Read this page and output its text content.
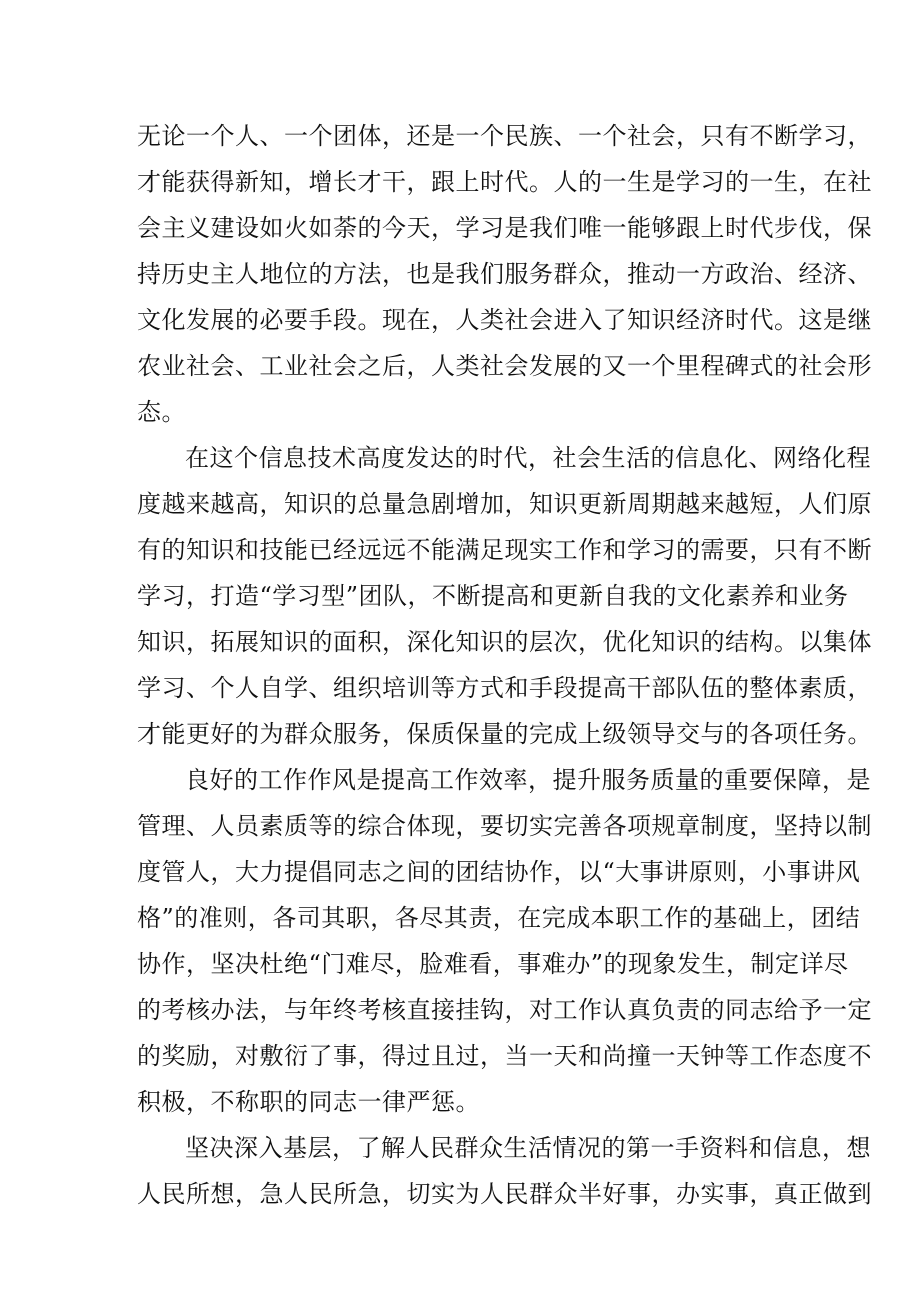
无论一个人、一个团体，还是一个民族、一个社会，只有不断学习，
才能获得新知，增长才干，跟上时代。人的一生是学习的一生，在社
会主义建设如火如荼的今天，学习是我们唯一能够跟上时代步伐，保
持历史主人地位的方法，也是我们服务群众，推动一方政治、经济、
文化发展的必要手段。现在，人类社会进入了知识经济时代。这是继
农业社会、工业社会之后，人类社会发展的又一个里程碑式的社会形
态。

在这个信息技术高度发达的时代，社会生活的信息化、网络化程
度越来越高，知识的总量急剧增加，知识更新周期越来越短，人们原
有的知识和技能已经远远不能满足现实工作和学习的需要，只有不断
学习，打造“学习型”团队，不断提高和更新自我的文化素养和业务
知识，拓展知识的面积，深化知识的层次，优化知识的结构。以集体
学习、个人自学、组织培训等方式和手段提高干部队伍的整体素质，
才能更好的为群众服务，保质保量的完成上级领导交与的各项任务。

良好的工作作风是提高工作效率，提升服务质量的重要保障，是
管理、人员素质等的综合体现，要切实完善各项规章制度，坚持以制
度管人，大力提倡同志之间的团结协作，以“大事讲原则，小事讲风
格”的准则，各司其职，各尽其责，在完成本职工作的基础上，团结
协作，坚决杜绝“门难尽，脸难看，事难办”的现象发生，制定详尽
的考核办法，与年终考核直接挂钩，对工作认真负责的同志给予一定
的奖励，对敷衍了事，得过且过，当一天和尚撞一天钟等工作态度不
积极，不称职的同志一律严惩。

坚决深入基层，了解人民群众生活情况的第一手资料和信息，想
人民所想，急人民所急，切实为人民群众半好事，办实事，真正做到
